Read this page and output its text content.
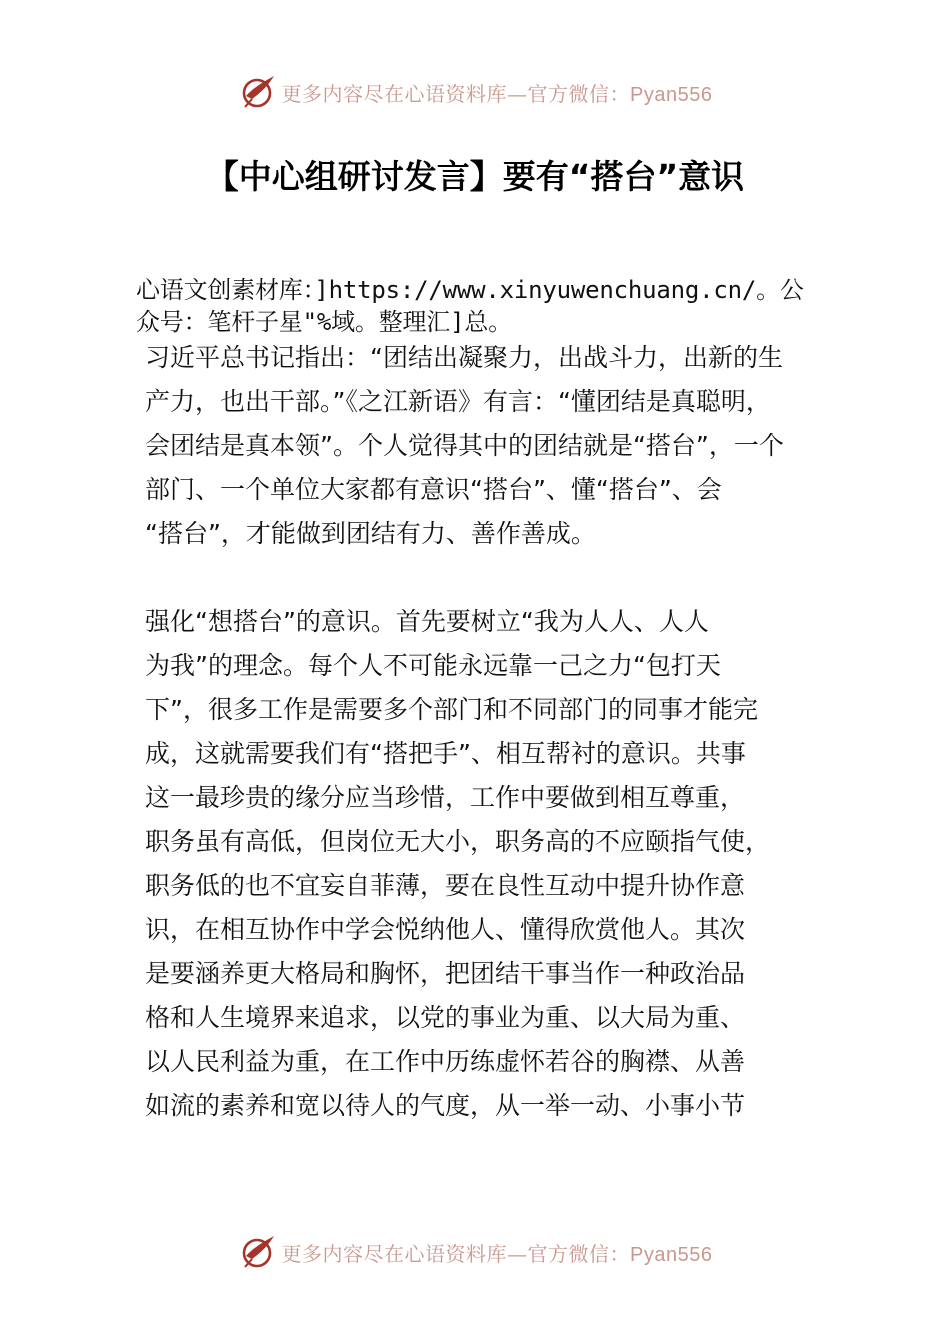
更多内容尽在心语资料库—官方微信：Pyan556
【中心组研讨发言】要有“搭台”意识
心语文创素材库：]https://www.xinyuwenchuang.cn/。公
众号：笔杆子星"%域。整理汇]总。
习近平总书记指出：“团结出凝聚力，出战斗力，出新的生
产力，也出干部。”《之江新语》有言：“懂团结是真聪明，
会团结是真本领”。个人觉得其中的团结就是“搭台”，一个
部门、一个单位大家都有意识“搭台”、懂“搭台”、会
“搭台”，才能做到团结有力、善作善成。
强化“想搭台”的意识。首先要树立“我为人人、人人
为我”的理念。每个人不可能永远靠一己之力“包打天
下”，很多工作是需要多个部门和不同部门的同事才能完
成，这就需要我们有“搭把手”、相互帮衬的意识。共事
这一最珍贵的缘分应当珍惜，工作中要做到相互尊重，
职务虽有高低，但岗位无大小，职务高的不应颐指气使，
职务低的也不宜妄自菲薄，要在良性互动中提升协作意
识，在相互协作中学会悦纳他人、懂得欣赏他人。其次
是要涵养更大格局和胸怀，把团结干事当作一种政治品
格和人生境界来追求，以党的事业为重、以大局为重、
以人民利益为重，在工作中历练虚怀若谷的胸襟、从善
如流的素养和宽以待人的气度，从一举一动、小事小节
更多内容尽在心语资料库—官方微信：Pyan556
